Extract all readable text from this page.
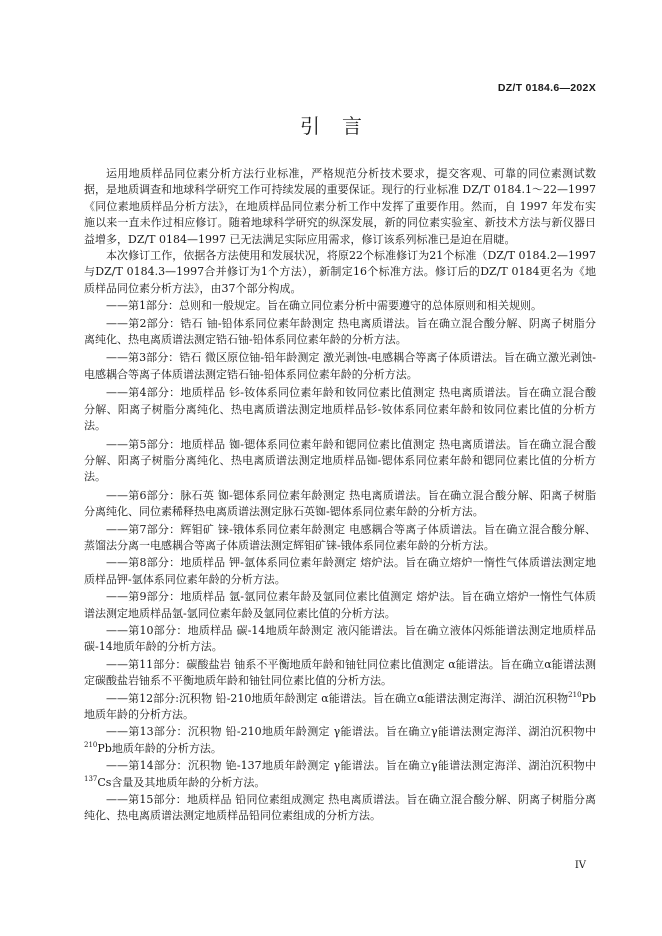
DZ/T 0184.6—202X
引言

运用地质样品同位素分析方法行业标准，严格规范分析技术要求，提交客观、可靠的同位素测试数据，是地质调查和地球科学研究工作可持续发展的重要保证。现行的行业标准 DZ/T 0184.1～22—1997《同位素地质样品分析方法》，在地质样品同位素分析工作中发挥了重要作用。然而，自 1997 年发布实施以来一直未作过相应修订。随着地球科学研究的纵深发展，新的同位素实验室、新技术方法与新仪器日益增多，DZ/T 0184—1997 已无法满足实际应用需求，修订该系列标准已是迫在眉睫。

本次修订工作，依据各方法使用和发展状况，将原22个标准修订为21个标准（DZ/T 0184.2—1997与DZ/T 0184.3—1997合并修订为1个方法），新制定16个标准方法。修订后的DZ/T 0184更名为《地质样品同位素分析方法》，由37个部分构成。

——第1部分：总则和一般规定。旨在确立同位素分析中需要遵守的总体原则和相关规则。

——第2部分：锆石 铀-铅体系同位素年龄测定 热电离质谱法。旨在确立混合酸分解、阴离子树脂分离纯化、热电离质谱法测定锆石铀-铅体系同位素年龄的分析方法。

——第3部分：锆石 微区原位铀-铅年龄测定 激光剥蚀-电感耦合等离子体质谱法。旨在确立激光剥蚀-电感耦合等离子体质谱法测定锆石铀-铅体系同位素年龄的分析方法。

——第4部分：地质样品 钐-钕体系同位素年龄和钕同位素比值测定 热电离质谱法。旨在确立混合酸分解、阳离子树脂分离纯化、热电离质谱法测定地质样品钐-钕体系同位素年龄和钕同位素比值的分析方法。

——第5部分：地质样品 铷-锶体系同位素年龄和锶同位素比值测定 热电离质谱法。旨在确立混合酸分解、阳离子树脂分离纯化、热电离质谱法测定地质样品铷-锶体系同位素年龄和锶同位素比值的分析方法。

——第6部分：脉石英 铷-锶体系同位素年龄测定 热电离质谱法。旨在确立混合酸分解、阳离子树脂分离纯化、同位素稀释热电离质谱法测定脉石英铷-锶体系同位素年龄的分析方法。

——第7部分：辉钼矿 铼-锇体系同位素年龄测定 电感耦合等离子体质谱法。旨在确立混合酸分解、蒸馏法分离一电感耦合等离子体质谱法测定辉钼矿铼-锇体系同位素年龄的分析方法。

——第8部分：地质样品 钾-氩体系同位素年龄测定 熔炉法。旨在确立熔炉一惰性气体质谱法测定地质样品钾-氩体系同位素年龄的分析方法。

——第9部分：地质样品 氩-氩同位素年龄及氩同位素比值测定 熔炉法。旨在确立熔炉一惰性气体质谱法测定地质样品氩-氩同位素年龄及氩同位素比值的分析方法。

——第10部分：地质样品 碳-14地质年龄测定 液闪能谱法。旨在确立液体闪烁能谱法测定地质样品碳-14地质年龄的分析方法。

——第11部分：碳酸盐岩 铀系不平衡地质年龄和铀钍同位素比值测定 α能谱法。旨在确立α能谱法测定碳酸盐岩铀系不平衡地质年龄和铀钍同位素比值的分析方法。

——第12部分:沉积物 铅-210地质年龄测定 α能谱法。旨在确立α能谱法测定海洋、湖泊沉积物$^{210}$Pb地质年龄的分析方法。

——第13部分：沉积物 铅-210地质年龄测定 γ能谱法。旨在确立γ能谱法测定海洋、湖泊沉积物中$^{210}$Pb地质年龄的分析方法。

——第14部分：沉积物 铯-137地质年龄测定 γ能谱法。旨在确立γ能谱法测定海洋、湖泊沉积物中$^{137}$Cs含量及其地质年龄的分析方法。

——第15部分：地质样品 铅同位素组成测定 热电离质谱法。旨在确立混合酸分解、阴离子树脂分离纯化、热电离质谱法测定地质样品铅同位素组成的分析方法。

IV
